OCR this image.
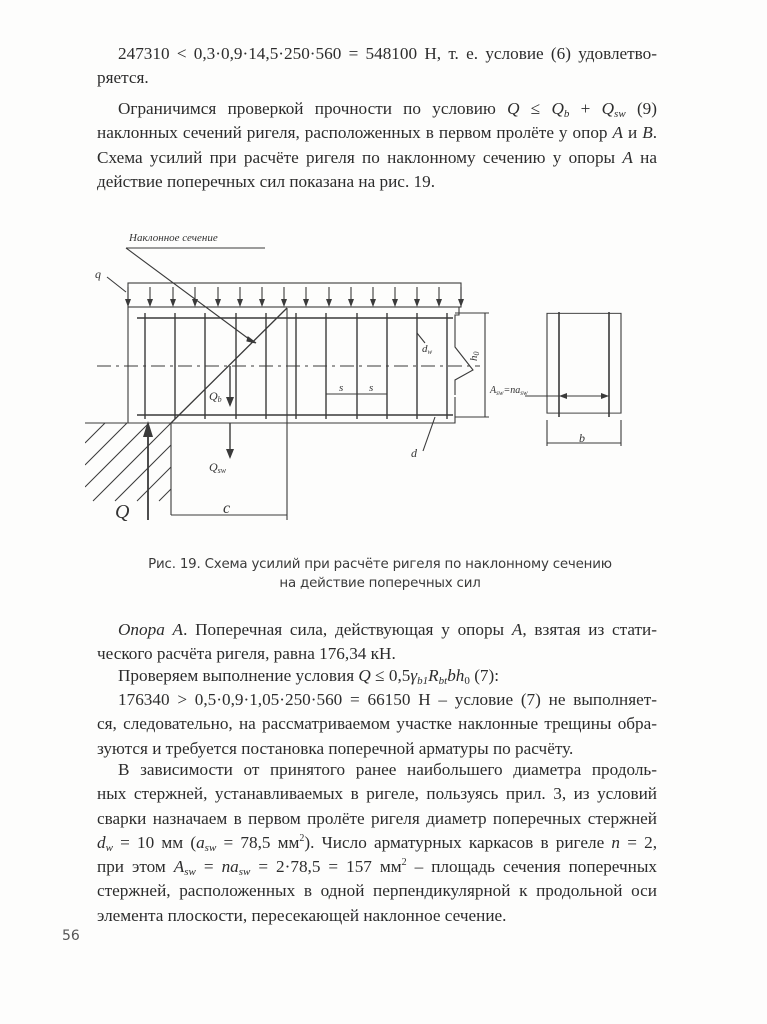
247310 < 0,3·0,9·14,5·250·560 = 548100 Н, т. е. условие (6) удовлетво-
ряется.
Ограничимся проверкой прочности по условию $Q \le Q_b + Q_{sw}$ (9)
наклонных сечений ригеля, расположенных в первом пролёте у опор A и B.
Схема усилий при расчёте ригеля по наклонному сечению у опоры A на
действие поперечных сил показана на рис. 19.
Наклонное сечение
q
Qb
Qsw
Q	c
s s
dw
d
h0
$A_{sw}=na_{sw}$
b
Рис. 19. Схема усилий при расчёте ригеля по наклонному сечению
на действие поперечных сил
Опора А. Поперечная сила, действующая у опоры A, взятая из стати-
ческого расчёта ригеля, равна 176,34 кН.
Проверяем выполнение условия $Q \le 0,5\gamma_{b1}R_{bt}bh_0$ (7):
176340 > 0,5·0,9·1,05·250·560 = 66150 Н – условие (7) не выполняет-
ся, следовательно, на рассматриваемом участке наклонные трещины обра-
зуются и требуется постановка поперечной арматуры по расчёту.
В зависимости от принятого ранее наибольшего диаметра продоль-
ных стержней, устанавливаемых в ригеле, пользуясь прил. 3, из условий
сварки назначаем в первом пролёте ригеля диаметр поперечных стержней
$d_w = 10$ мм ($a_{sw} = 78,5$ $мм^2$). Число арматурных каркасов в ригеле n = 2,
при этом $A_{sw} = na_{sw} = 2\cdot 78,5 = 157$ $мм^2$ – площадь сечения поперечных
стержней, расположенных в одной перпендикулярной к продольной оси
элемента плоскости, пересекающей наклонное сечение.
56
